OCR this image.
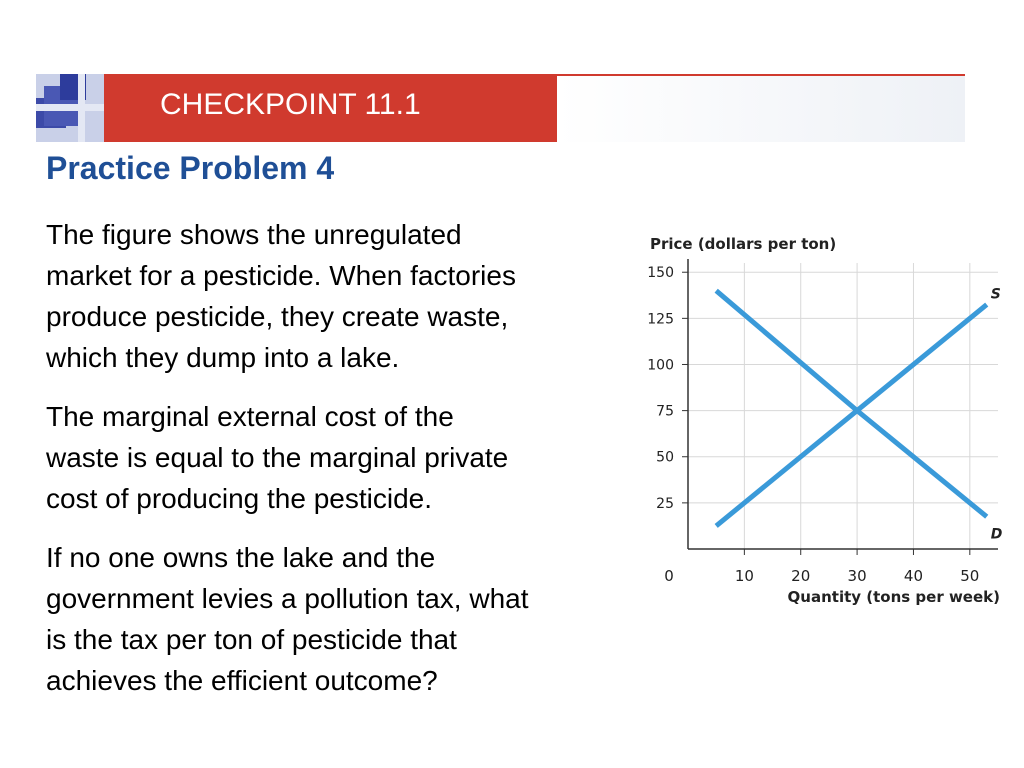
CHECKPOINT 11.1
Practice Problem 4

The figure shows the unregulated
market for a pesticide. When factories
produce pesticide, they create waste,
which they dump into a lake.

The marginal external cost of the
waste is equal to the marginal private
cost of producing the pesticide.

If no one owns the lake and the
government levies a pollution tax, what
is the tax per ton of pesticide that
achieves the efficient outcome?

25
50
75
100
125
150
10 20 30 40 50
0
Price (dollars per ton)
Quantity (tons per week)
S
D
